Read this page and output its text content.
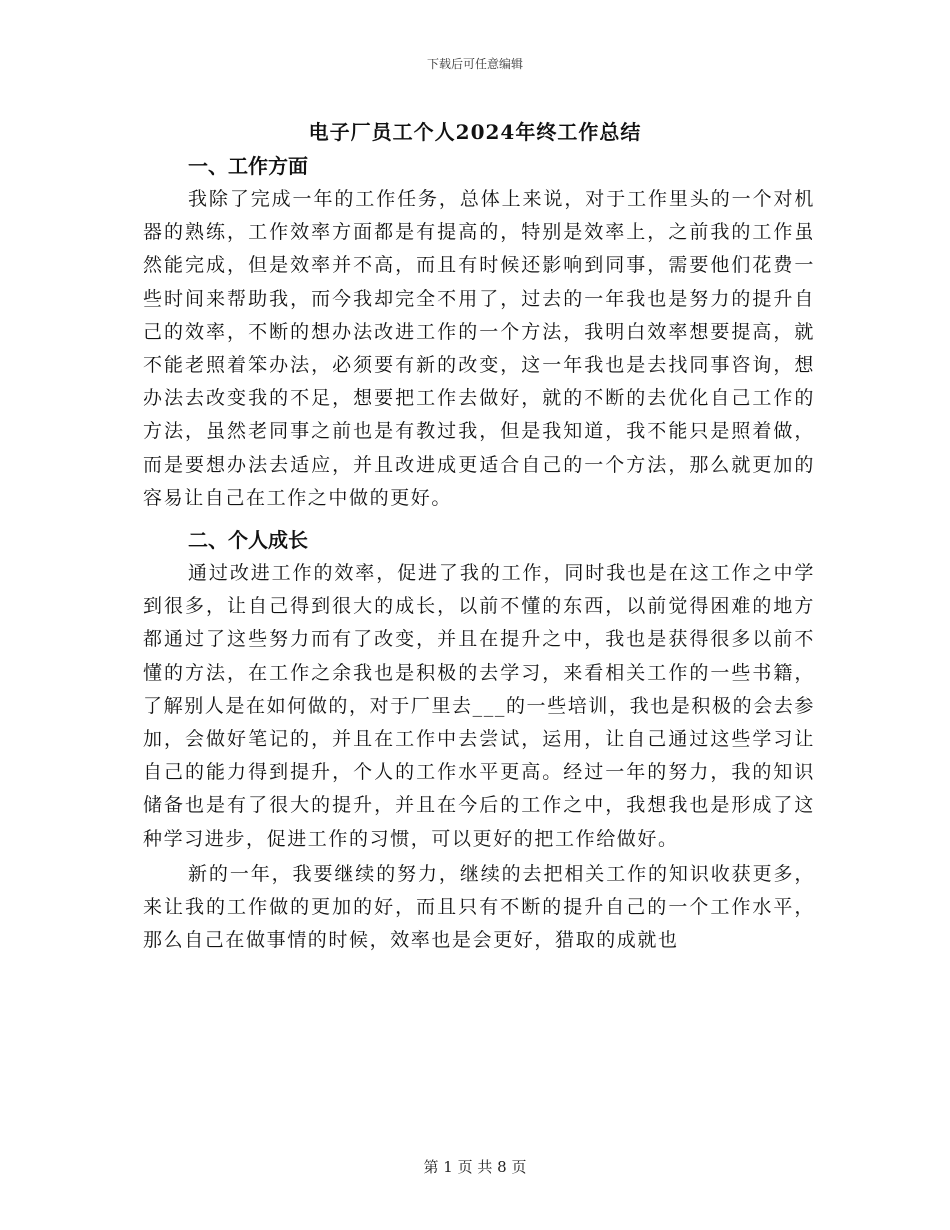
下载后可任意编辑
电子厂员工个人2024年终工作总结
一、工作方面

我除了完成一年的工作任务，总体上来说，对于工作里头的一个对机器的熟练，工作效率方面都是有提高的，特别是效率上，之前我的工作虽然能完成，但是效率并不高，而且有时候还影响到同事，需要他们花费一些时间来帮助我，而今我却完全不用了，过去的一年我也是努力的提升自己的效率，不断的想办法改进工作的一个方法，我明白效率想要提高，就不能老照着笨办法，必须要有新的改变，这一年我也是去找同事咨询，想办法去改变我的不足，想要把工作去做好，就的不断的去优化自己工作的方法，虽然老同事之前也是有教过我，但是我知道，我不能只是照着做，而是要想办法去适应，并且改进成更适合自己的一个方法，那么就更加的容易让自己在工作之中做的更好。

二、个人成长

通过改进工作的效率，促进了我的工作，同时我也是在这工作之中学到很多，让自己得到很大的成长，以前不懂的东西，以前觉得困难的地方都通过了这些努力而有了改变，并且在提升之中，我也是获得很多以前不懂的方法，在工作之余我也是积极的去学习，来看相关工作的一些书籍，了解别人是在如何做的，对于厂里去___的一些培训，我也是积极的会去参加，会做好笔记的，并且在工作中去尝试，运用，让自己通过这些学习让自己的能力得到提升，个人的工作水平更高。经过一年的努力，我的知识储备也是有了很大的提升，并且在今后的工作之中，我想我也是形成了这种学习进步，促进工作的习惯，可以更好的把工作给做好。

新的一年，我要继续的努力，继续的去把相关工作的知识收获更多，来让我的工作做的更加的好，而且只有不断的提升自己的一个工作水平，那么自己在做事情的时候，效率也是会更好，猎取的成就也

第 1 页 共 8 页
